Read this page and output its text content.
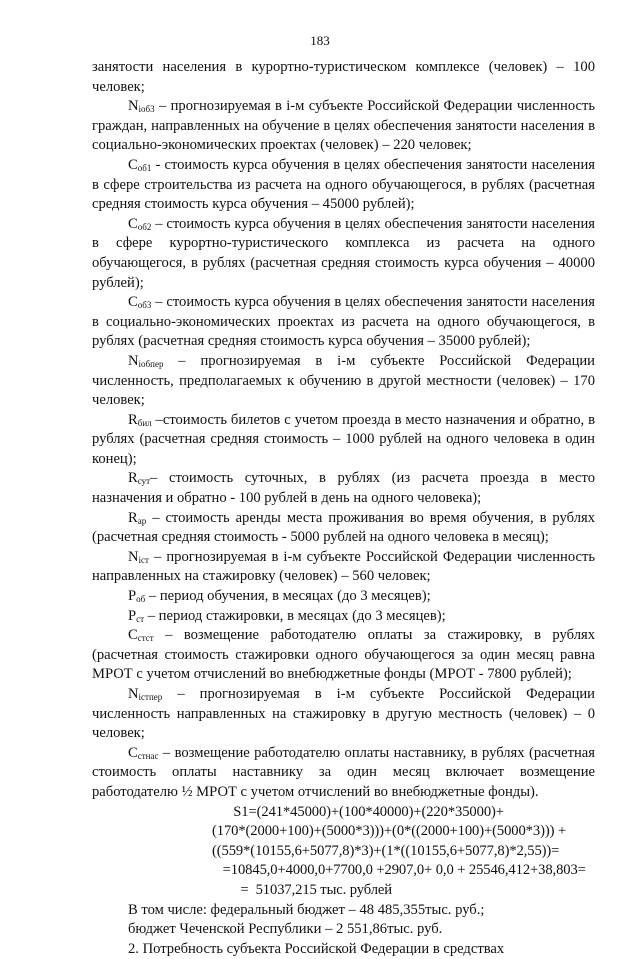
183

занятости населения в курортно-туристическом комплексе (человек) – 100 человек;

$N_{ioб3}$ – прогнозируемая в i-м субъекте Российской Федерации численность граждан, направленных на обучение в целях обеспечения занятости населения в социально-экономических проектах (человек) – 220 человек;

$C_{oб1}$ - стоимость курса обучения в целях обеспечения занятости населения в сфере строительства из расчета на одного обучающегося, в рублях (расчетная средняя стоимость курса обучения – 45000 рублей);

$C_{oб2}$ – стоимость курса обучения в целях обеспечения занятости населения в сфере курортно-туристического комплекса из расчета на одного обучающегося, в рублях (расчетная средняя стоимость курса обучения – 40000 рублей);

$C_{oб3}$ – стоимость курса обучения в целях обеспечения занятости населения в социально-экономических проектах из расчета на одного обучающегося, в рублях (расчетная средняя стоимость курса обучения – 35000 рублей);

$N_{ioбпер}$ – прогнозируемая в i-м субъекте Российской Федерации численность, предполагаемых к обучению в другой местности (человек) – 170 человек;

$R_{бил}$ –стоимость билетов с учетом проезда в место назначения и обратно, в рублях (расчетная средняя стоимость – 1000 рублей на одного человека в один конец);

$R_{сут}-$ стоимость суточных, в рублях (из расчета проезда в место назначения и обратно - 100 рублей в день на одного человека);

$R_{ар}$ – стоимость аренды места проживания во время обучения, в рублях (расчетная средняя стоимость - 5000 рублей на одного человека в месяц);

$N_{iст}$ – прогнозируемая в i-м субъекте Российской Федерации численность направленных на стажировку (человек) – 560 человек;

$P_{об}$ – период обучения, в месяцах (до 3 месяцев);

$P_{ст}$ – период стажировки, в месяцах (до 3 месяцев);

$C_{стст}$ – возмещение работодателю оплаты за стажировку, в рублях (расчетная стоимость стажировки одного обучающегося за один месяц равна МРОТ с учетом отчислений во внебюджетные фонды (МРОТ - 7800 рублей);

$N_{iстпер}$ – прогнозируемая в i-м субъекте Российской Федерации численность направленных на стажировку в другую местность (человек) – 0 человек;

$C_{стнас}$ – возмещение работодателю оплаты наставнику, в рублях (расчетная стоимость оплаты наставнику за один месяц включает возмещение работодателю ½ МРОТ с учетом отчислений во внебюджетные фонды).

S1=(241*45000)+(100*40000)+(220*35000)+

(170*(2000+100)+(5000*3)))+(0*((2000+100)+(5000*3))) +

((559*(10155,6+5077,8)*3)+(1*((10155,6+5077,8)*2,55))=

=10845,0+4000,0+7700,0 +2907,0+ 0,0 + 25546,412+38,803=

=  51037,215 тыс. рублей

В том числе: федеральный бюджет – 48 485,355тыс. руб.;

бюджет Чеченской Республики – 2 551,86тыс. руб.

2. Потребность субъекта Российской Федерации в средствах
